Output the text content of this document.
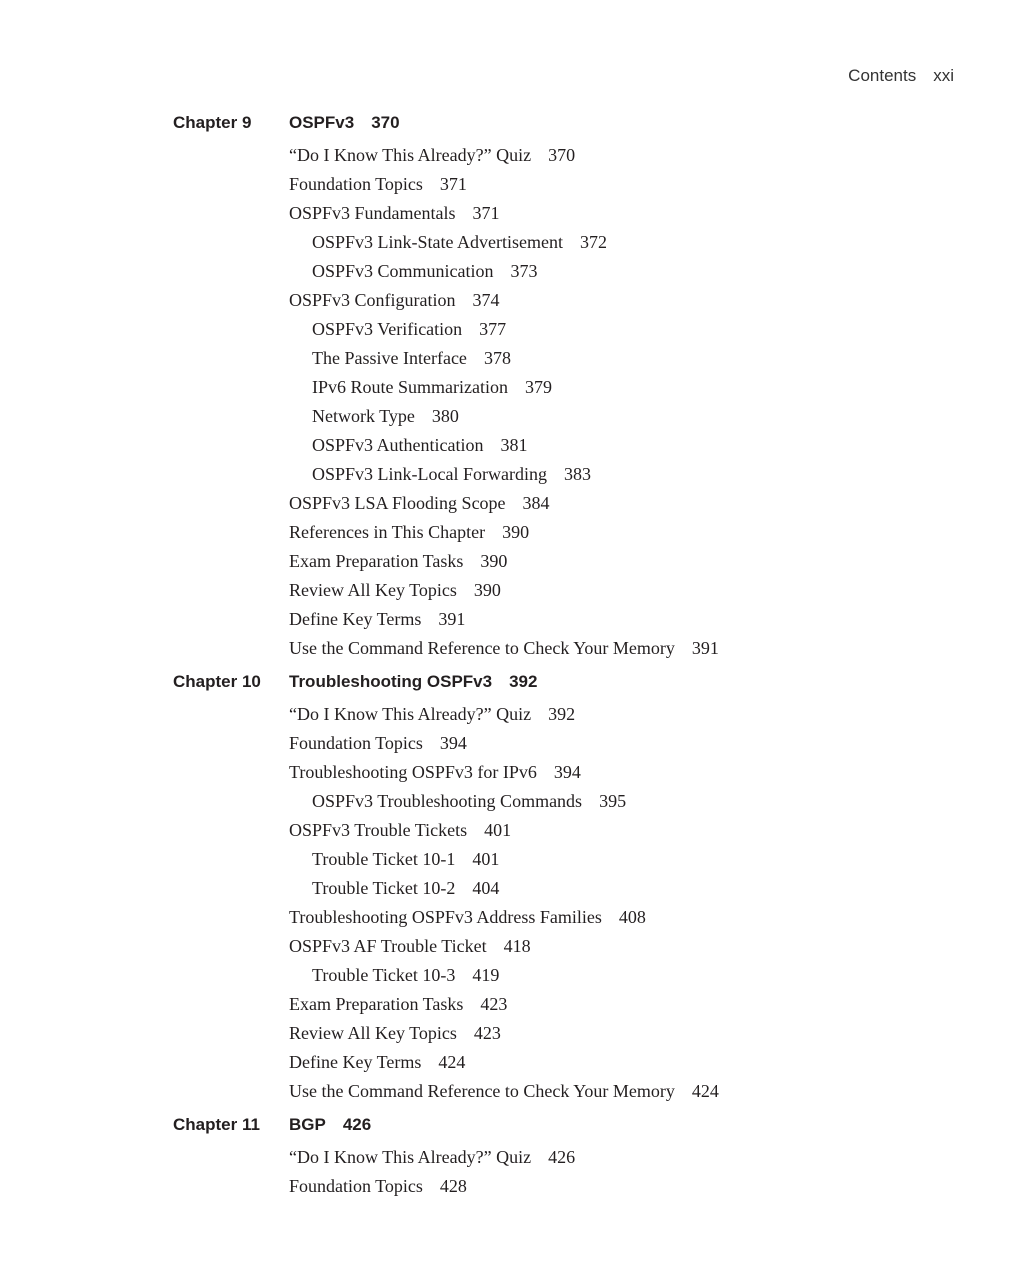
Contents xxi
Chapter 9 OSPFv3 370
“Do I Know This Already?” Quiz 370
Foundation Topics 371
OSPFv3 Fundamentals 371
OSPFv3 Link-State Advertisement 372
OSPFv3 Communication 373
OSPFv3 Configuration 374
OSPFv3 Verification 377
The Passive Interface 378
IPv6 Route Summarization 379
Network Type 380
OSPFv3 Authentication 381
OSPFv3 Link-Local Forwarding 383
OSPFv3 LSA Flooding Scope 384
References in This Chapter 390
Exam Preparation Tasks 390
Review All Key Topics 390
Define Key Terms 391
Use the Command Reference to Check Your Memory 391
Chapter 10 Troubleshooting OSPFv3 392
“Do I Know This Already?” Quiz 392
Foundation Topics 394
Troubleshooting OSPFv3 for IPv6 394
OSPFv3 Troubleshooting Commands 395
OSPFv3 Trouble Tickets 401
Trouble Ticket 10-1 401
Trouble Ticket 10-2 404
Troubleshooting OSPFv3 Address Families 408
OSPFv3 AF Trouble Ticket 418
Trouble Ticket 10-3 419
Exam Preparation Tasks 423
Review All Key Topics 423
Define Key Terms 424
Use the Command Reference to Check Your Memory 424
Chapter 11 BGP 426
“Do I Know This Already?” Quiz 426
Foundation Topics 428
